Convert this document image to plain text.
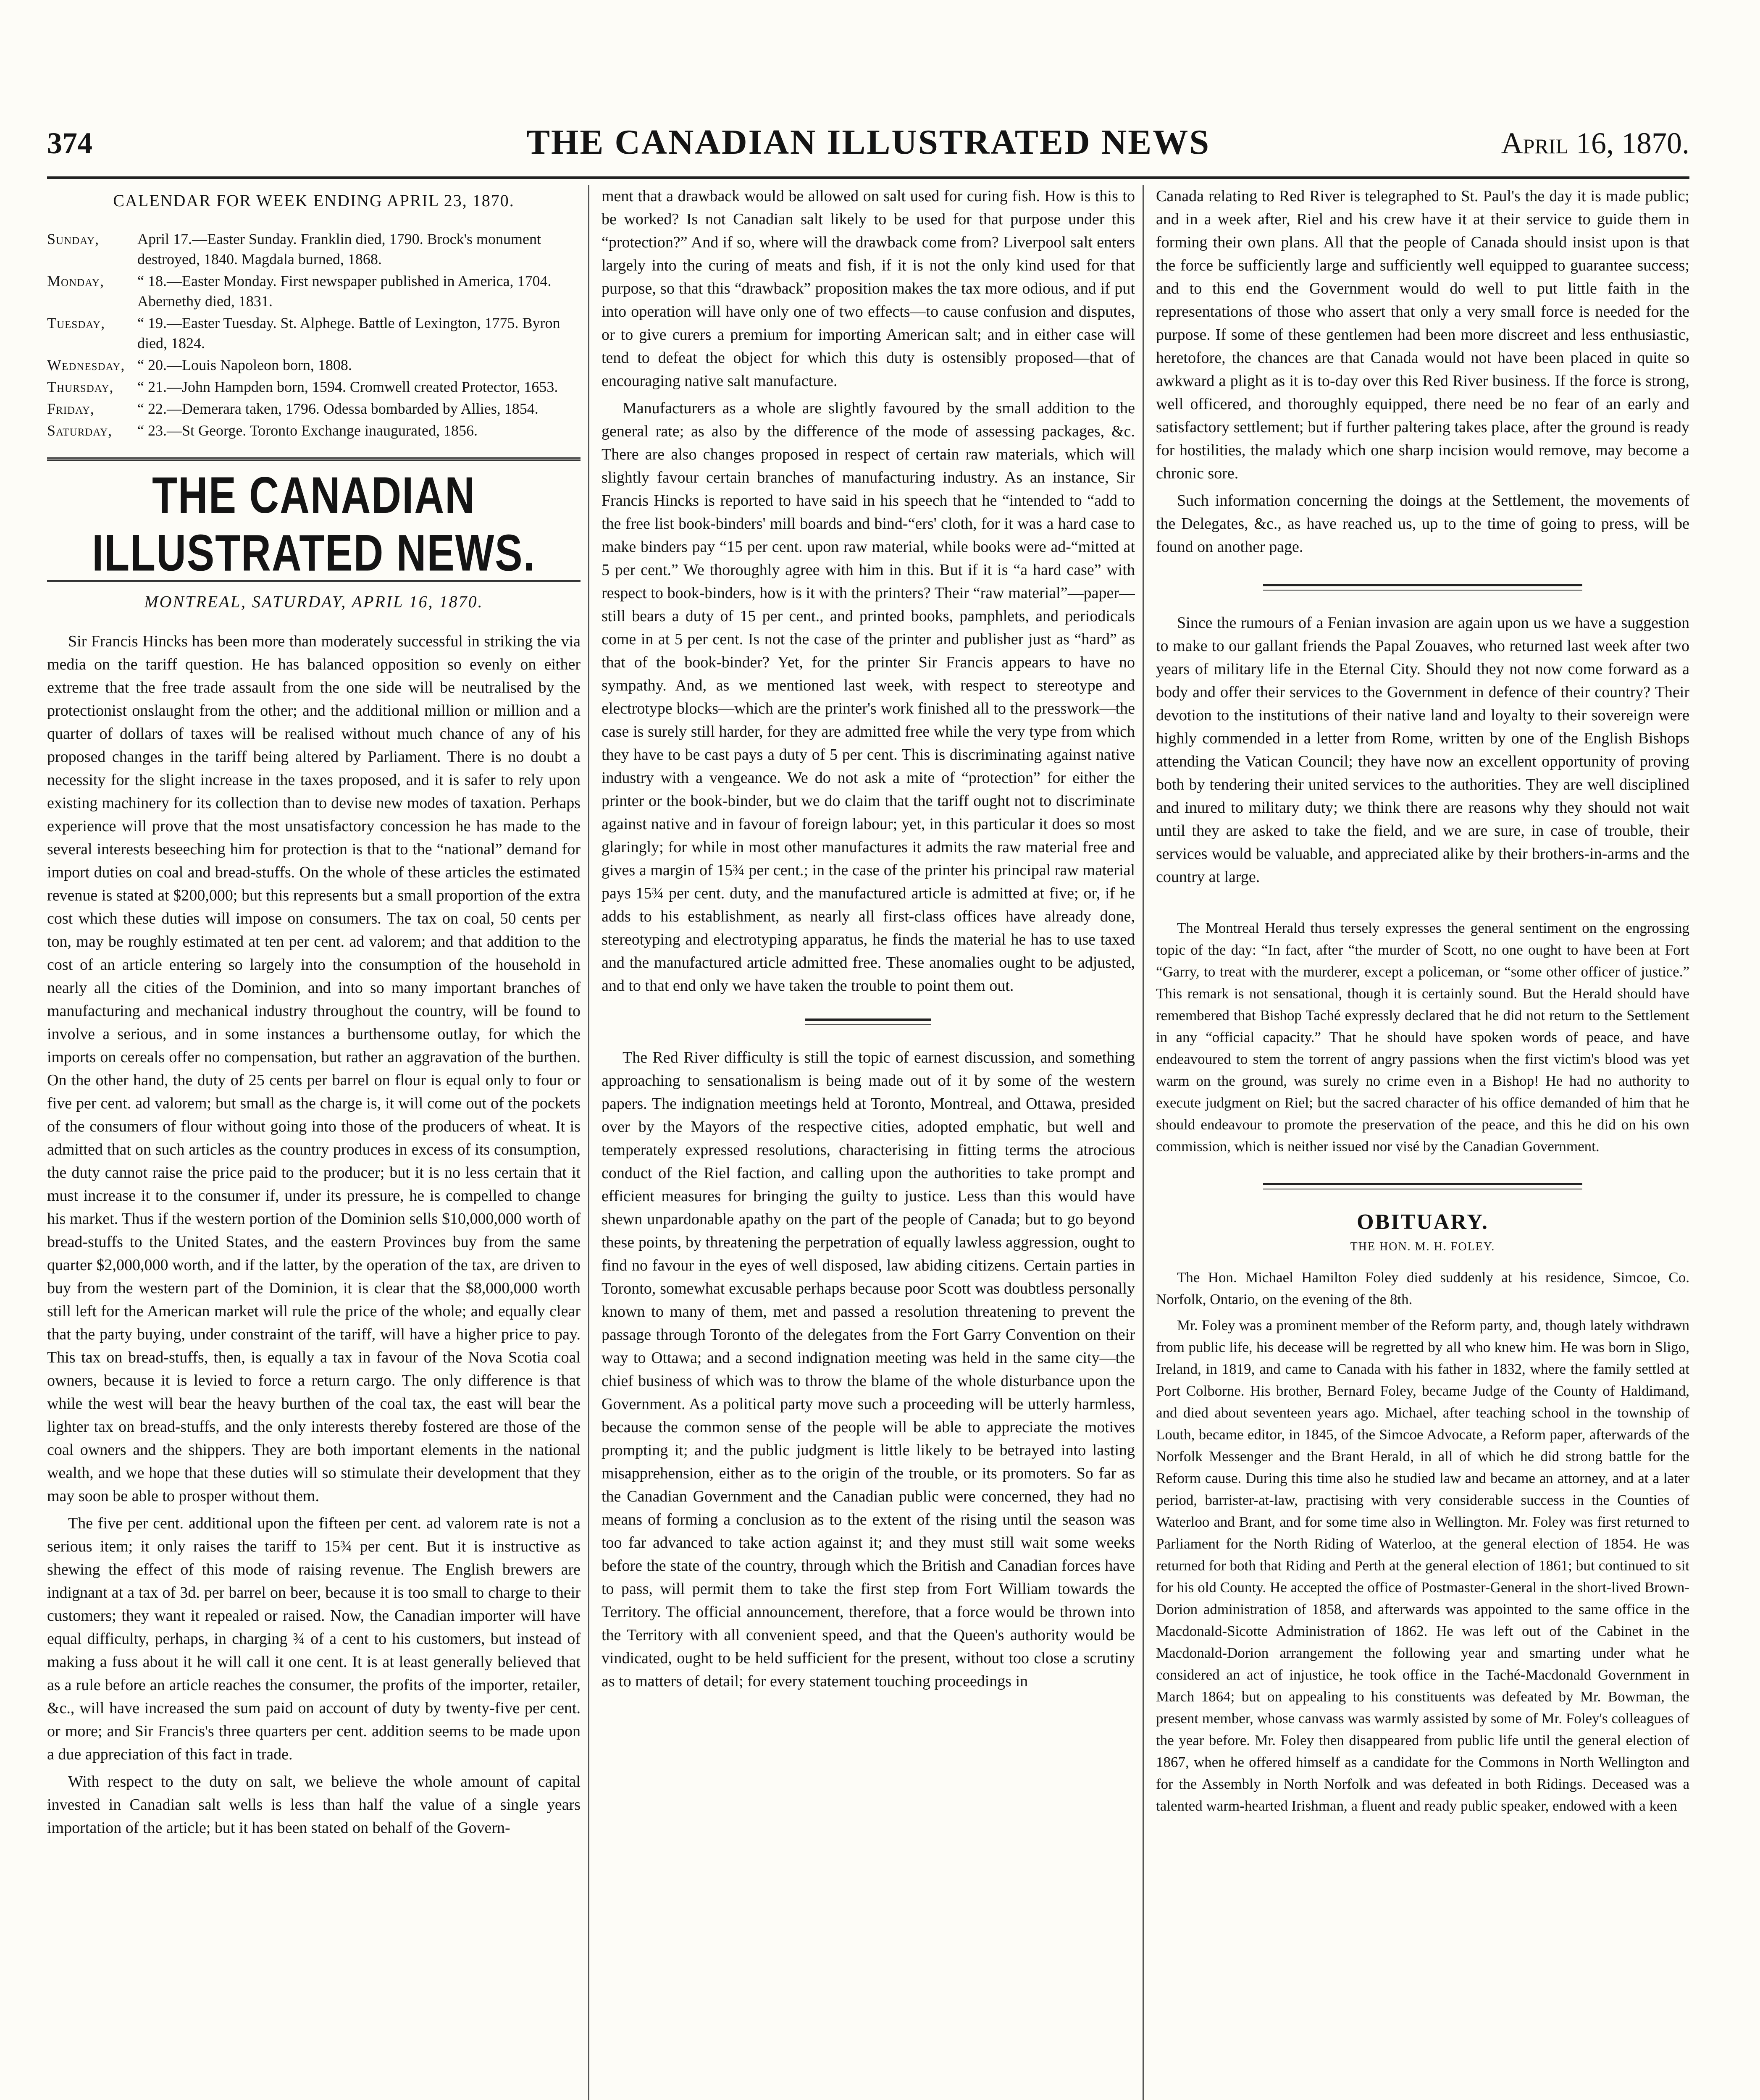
374	THE CANADIAN ILLUSTRATED NEWS	April 16, 1870.
CALENDAR FOR WEEK ENDING APRIL 23, 1870.
Sunday,	April 17.—Easter Sunday. Franklin died, 1790. Brock's monument destroyed, 1840. Magdala burned, 1868.
Monday,	“ 18.—Easter Monday. First newspaper published in America, 1704. Abernethy died, 1831.
Tuesday,	“ 19.—Easter Tuesday. St. Alphege. Battle of Lexington, 1775. Byron died, 1824.
Wednesday, “ 20.—Louis Napoleon born, 1808.
Thursday,	“ 21.—John Hampden born, 1594. Cromwell created Protector, 1653.
Friday,	“ 22.—Demerara taken, 1796. Odessa bombarded by Allies, 1854.
Saturday,	“ 23.—St George. Toronto Exchange inaugurated, 1856.
THE CANADIAN ILLUSTRATED NEWS.
MONTREAL, SATURDAY, APRIL 16, 1870.

Sir Francis Hincks has been more than moderately successful in striking the via media on the tariff question. He has balanced opposition so evenly on either extreme that the free trade assault from the one side will be neutralised by the protectionist onslaught from the other; and the additional million or million and a quarter of dollars of taxes will be realised without much chance of any of his proposed changes in the tariff being altered by Parliament. There is no doubt a necessity for the slight increase in the taxes proposed, and it is safer to rely upon existing machinery for its collection than to devise new modes of taxation. Perhaps experience will prove that the most unsatisfactory concession he has made to the several interests beseeching him for protection is that to the “national” demand for import duties on coal and bread-stuffs. On the whole of these articles the estimated revenue is stated at $200,000; but this represents but a small proportion of the extra cost which these duties will impose on consumers. The tax on coal, 50 cents per ton, may be roughly estimated at ten per cent. ad valorem; and that addition to the cost of an article entering so largely into the consumption of the household in nearly all the cities of the Dominion, and into so many important branches of manufacturing and mechanical industry throughout the country, will be found to involve a serious, and in some instances a burthensome outlay, for which the imports on cereals offer no compensation, but rather an aggravation of the burthen. On the other hand, the duty of 25 cents per barrel on flour is equal only to four or five per cent. ad valorem; but small as the charge is, it will come out of the pockets of the consumers of flour without going into those of the producers of wheat. It is admitted that on such articles as the country produces in excess of its consumption, the duty cannot raise the price paid to the producer; but it is no less certain that it must increase it to the consumer if, under its pressure, he is compelled to change his market. Thus if the western portion of the Dominion sells $10,000,000 worth of bread-stuffs to the United States, and the eastern Provinces buy from the same quarter $2,000,000 worth, and if the latter, by the operation of the tax, are driven to buy from the western part of the Dominion, it is clear that the $8,000,000 worth still left for the American market will rule the price of the whole; and equally clear that the party buying, under constraint of the tariff, will have a higher price to pay. This tax on bread-stuffs, then, is equally a tax in favour of the Nova Scotia coal owners, because it is levied to force a return cargo. The only difference is that while the west will bear the heavy burthen of the coal tax, the east will bear the lighter tax on bread-stuffs, and the only interests thereby fostered are those of the coal owners and the shippers. They are both important elements in the national wealth, and we hope that these duties will so stimulate their development that they may soon be able to prosper without them.

The five per cent. additional upon the fifteen per cent. ad valorem rate is not a serious item; it only raises the tariff to 15¾ per cent. But it is instructive as shewing the effect of this mode of raising revenue. The English brewers are indignant at a tax of 3d. per barrel on beer, because it is too small to charge to their customers; they want it repealed or raised. Now, the Canadian importer will have equal difficulty, perhaps, in charging ¾ of a cent to his customers, but instead of making a fuss about it he will call it one cent. It is at least generally believed that as a rule before an article reaches the consumer, the profits of the importer, retailer, &c., will have increased the sum paid on account of duty by twenty-five per cent. or more; and Sir Francis's three quarters per cent. addition seems to be made upon a due appreciation of this fact in trade.

With respect to the duty on salt, we believe the whole amount of capital invested in Canadian salt wells is less than half the value of a single years importation of the article; but it has been stated on behalf of the Govern-

ment that a drawback would be allowed on salt used for curing fish. How is this to be worked? Is not Canadian salt likely to be used for that purpose under this “protection?” And if so, where will the drawback come from? Liverpool salt enters largely into the curing of meats and fish, if it is not the only kind used for that purpose, so that this “drawback” proposition makes the tax more odious, and if put into operation will have only one of two effects—to cause confusion and disputes, or to give curers a premium for importing American salt; and in either case will tend to defeat the object for which this duty is ostensibly proposed—that of encouraging native salt manufacture.

Manufacturers as a whole are slightly favoured by the small addition to the general rate; as also by the difference of the mode of assessing packages, &c. There are also changes proposed in respect of certain raw materials, which will slightly favour certain branches of manufacturing industry. As an instance, Sir Francis Hincks is reported to have said in his speech that he “intended to “add to the free list book-binders' mill boards and bind-“ers' cloth, for it was a hard case to make binders pay “15 per cent. upon raw material, while books were ad-“mitted at 5 per cent.” We thoroughly agree with him in this. But if it is “a hard case” with respect to book-binders, how is it with the printers? Their “raw material”—paper—still bears a duty of 15 per cent., and printed books, pamphlets, and periodicals come in at 5 per cent. Is not the case of the printer and publisher just as “hard” as that of the book-binder? Yet, for the printer Sir Francis appears to have no sympathy. And, as we mentioned last week, with respect to stereotype and electrotype blocks—which are the printer's work finished all to the presswork—the case is surely still harder, for they are admitted free while the very type from which they have to be cast pays a duty of 5 per cent. This is discriminating against native industry with a vengeance. We do not ask a mite of “protection” for either the printer or the book-binder, but we do claim that the tariff ought not to discriminate against native and in favour of foreign labour; yet, in this particular it does so most glaringly; for while in most other manufactures it admits the raw material free and gives a margin of 15¾ per cent.; in the case of the printer his principal raw material pays 15¾ per cent. duty, and the manufactured article is admitted at five; or, if he adds to his establishment, as nearly all first-class offices have already done, stereotyping and electrotyping apparatus, he finds the material he has to use taxed and the manufactured article admitted free. These anomalies ought to be adjusted, and to that end only we have taken the trouble to point them out.

The Red River difficulty is still the topic of earnest discussion, and something approaching to sensationalism is being made out of it by some of the western papers. The indignation meetings held at Toronto, Montreal, and Ottawa, presided over by the Mayors of the respective cities, adopted emphatic, but well and temperately expressed resolutions, characterising in fitting terms the atrocious conduct of the Riel faction, and calling upon the authorities to take prompt and efficient measures for bringing the guilty to justice. Less than this would have shewn unpardonable apathy on the part of the people of Canada; but to go beyond these points, by threatening the perpetration of equally lawless aggression, ought to find no favour in the eyes of well disposed, law abiding citizens. Certain parties in Toronto, somewhat excusable perhaps because poor Scott was doubtless personally known to many of them, met and passed a resolution threatening to prevent the passage through Toronto of the delegates from the Fort Garry Convention on their way to Ottawa; and a second indignation meeting was held in the same city—the chief business of which was to throw the blame of the whole disturbance upon the Government. As a political party move such a proceeding will be utterly harmless, because the common sense of the people will be able to appreciate the motives prompting it; and the public judgment is little likely to be betrayed into lasting misapprehension, either as to the origin of the trouble, or its promoters. So far as the Canadian Government and the Canadian public were concerned, they had no means of forming a conclusion as to the extent of the rising until the season was too far advanced to take action against it; and they must still wait some weeks before the state of the country, through which the British and Canadian forces have to pass, will permit them to take the first step from Fort William towards the Territory. The official announcement, therefore, that a force would be thrown into the Territory with all convenient speed, and that the Queen's authority would be vindicated, ought to be held sufficient for the present, without too close a scrutiny as to matters of detail; for every statement touching proceedings in

Canada relating to Red River is telegraphed to St. Paul's the day it is made public; and in a week after, Riel and his crew have it at their service to guide them in forming their own plans. All that the people of Canada should insist upon is that the force be sufficiently large and sufficiently well equipped to guarantee success; and to this end the Government would do well to put little faith in the representations of those who assert that only a very small force is needed for the purpose. If some of these gentlemen had been more discreet and less enthusiastic, heretofore, the chances are that Canada would not have been placed in quite so awkward a plight as it is to-day over this Red River business. If the force is strong, well officered, and thoroughly equipped, there need be no fear of an early and satisfactory settlement; but if further paltering takes place, after the ground is ready for hostilities, the malady which one sharp incision would remove, may become a chronic sore.

Such information concerning the doings at the Settlement, the movements of the Delegates, &c., as have reached us, up to the time of going to press, will be found on another page.

Since the rumours of a Fenian invasion are again upon us we have a suggestion to make to our gallant friends the Papal Zouaves, who returned last week after two years of military life in the Eternal City. Should they not now come forward as a body and offer their services to the Government in defence of their country? Their devotion to the institutions of their native land and loyalty to their sovereign were highly commended in a letter from Rome, written by one of the English Bishops attending the Vatican Council; they have now an excellent opportunity of proving both by tendering their united services to the authorities. They are well disciplined and inured to military duty; we think there are reasons why they should not wait until they are asked to take the field, and we are sure, in case of trouble, their services would be valuable, and appreciated alike by their brothers-in-arms and the country at large.

The Montreal Herald thus tersely expresses the general sentiment on the engrossing topic of the day: “In fact, after “the murder of Scott, no one ought to have been at Fort “Garry, to treat with the murderer, except a policeman, or “some other officer of justice.” This remark is not sensational, though it is certainly sound. But the Herald should have remembered that Bishop Taché expressly declared that he did not return to the Settlement in any “official capacity.” That he should have spoken words of peace, and have endeavoured to stem the torrent of angry passions when the first victim's blood was yet warm on the ground, was surely no crime even in a Bishop! He had no authority to execute judgment on Riel; but the sacred character of his office demanded of him that he should endeavour to promote the preservation of the peace, and this he did on his own commission, which is neither issued nor visé by the Canadian Government.

OBITUARY.
THE HON. M. H. FOLEY.

The Hon. Michael Hamilton Foley died suddenly at his residence, Simcoe, Co. Norfolk, Ontario, on the evening of the 8th.

Mr. Foley was a prominent member of the Reform party, and, though lately withdrawn from public life, his decease will be regretted by all who knew him. He was born in Sligo, Ireland, in 1819, and came to Canada with his father in 1832, where the family settled at Port Colborne. His brother, Bernard Foley, became Judge of the County of Haldimand, and died about seventeen years ago. Michael, after teaching school in the township of Louth, became editor, in 1845, of the Simcoe Advocate, a Reform paper, afterwards of the Norfolk Messenger and the Brant Herald, in all of which he did strong battle for the Reform cause. During this time also he studied law and became an attorney, and at a later period, barrister-at-law, practising with very considerable success in the Counties of Waterloo and Brant, and for some time also in Wellington. Mr. Foley was first returned to Parliament for the North Riding of Waterloo, at the general election of 1854. He was returned for both that Riding and Perth at the general election of 1861; but continued to sit for his old County. He accepted the office of Postmaster-General in the short-lived Brown-Dorion administration of 1858, and afterwards was appointed to the same office in the Macdonald-Sicotte Administration of 1862. He was left out of the Cabinet in the Macdonald-Dorion arrangement the following year and smarting under what he considered an act of injustice, he took office in the Taché-Macdonald Government in March 1864; but on appealing to his constituents was defeated by Mr. Bowman, the present member, whose canvass was warmly assisted by some of Mr. Foley's colleagues of the year before. Mr. Foley then disappeared from public life until the general election of 1867, when he offered himself as a candidate for the Commons in North Wellington and for the Assembly in North Norfolk and was defeated in both Ridings. Deceased was a talented warm-hearted Irishman, a fluent and ready public speaker, endowed with a keen
